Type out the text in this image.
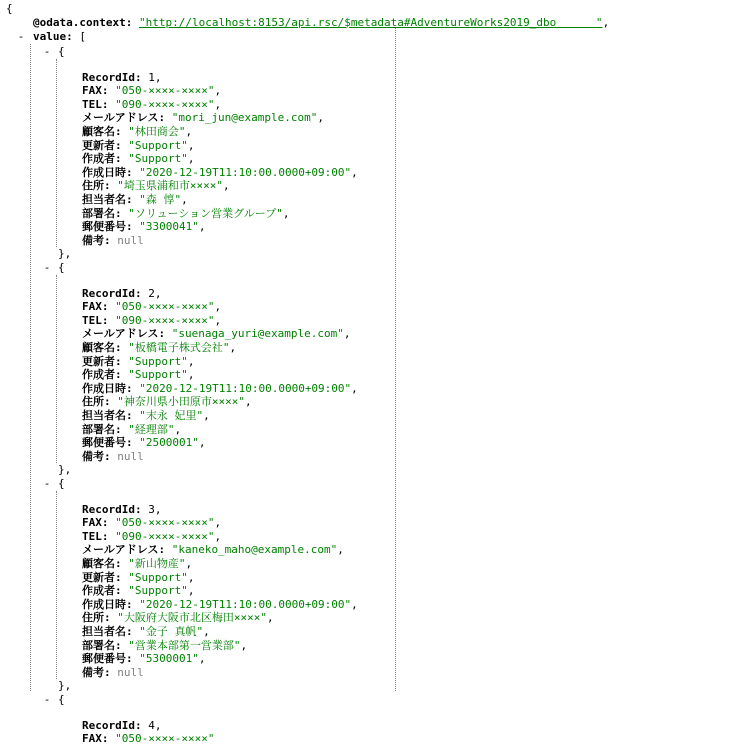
{
@odata.context: "http://localhost:8153/api.rsc/$metadata#AdventureWorks2019_dbo      ",
- value: [
- {
RecordId: 1,
FAX: "050-××××-××××",
TEL: "090-××××-××××",
メールアドレス: "mori_jun@example.com",
顧客名: "林田商会",
更新者: "Support",
作成者: "Support",
作成日時: "2020-12-19T11:10:00.0000+09:00",
住所: "埼玉県浦和市××××",
担当者名: "森 惇",
部署名: "ソリューション営業グループ",
郵便番号: "3300041",
備考: null
},
- {
RecordId: 2,
FAX: "050-××××-××××",
TEL: "090-××××-××××",
メールアドレス: "suenaga_yuri@example.com",
顧客名: "板橋電子株式会社",
更新者: "Support",
作成者: "Support",
作成日時: "2020-12-19T11:10:00.0000+09:00",
住所: "神奈川県小田原市××××",
担当者名: "末永 妃里",
部署名: "経理部",
郵便番号: "2500001",
備考: null
},
- {
RecordId: 3,
FAX: "050-××××-××××",
TEL: "090-××××-××××",
メールアドレス: "kaneko_maho@example.com",
顧客名: "新山物産",
更新者: "Support",
作成者: "Support",
作成日時: "2020-12-19T11:10:00.0000+09:00",
住所: "大阪府大阪市北区梅田××××",
担当者名: "金子 真帆",
部署名: "営業本部第一営業部",
郵便番号: "5300001",
備考: null
},
- {
RecordId: 4,
FAX: "050-××××-××××"
